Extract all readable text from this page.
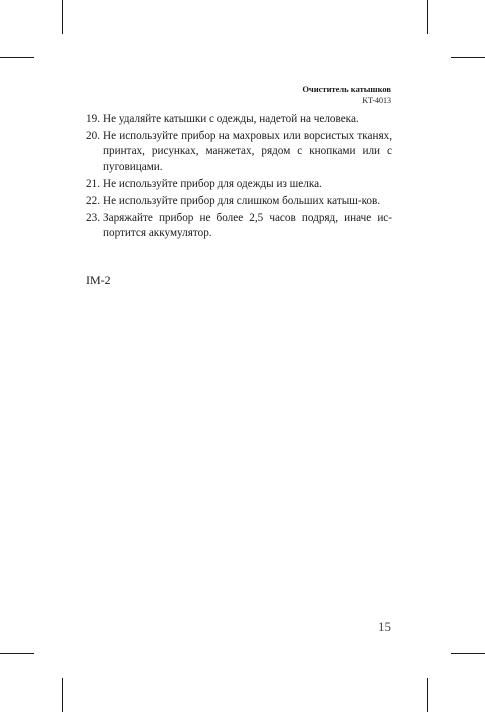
Очиститель катышков
KT-4013
19. Не удаляйте катышки с одежды, надетой на человека.
20. Не используйте прибор на махровых или ворсистых тканях, принтах, рисунках, манжетах, рядом с кнопками или с пуговицами.
21. Не используйте прибор для одежды из шелка.
22. Не используйте прибор для слишком больших катыш-ков.
23. Заряжайте прибор не более 2,5 часов подряд, иначе ис-портится аккумулятор.
IM-2
15
